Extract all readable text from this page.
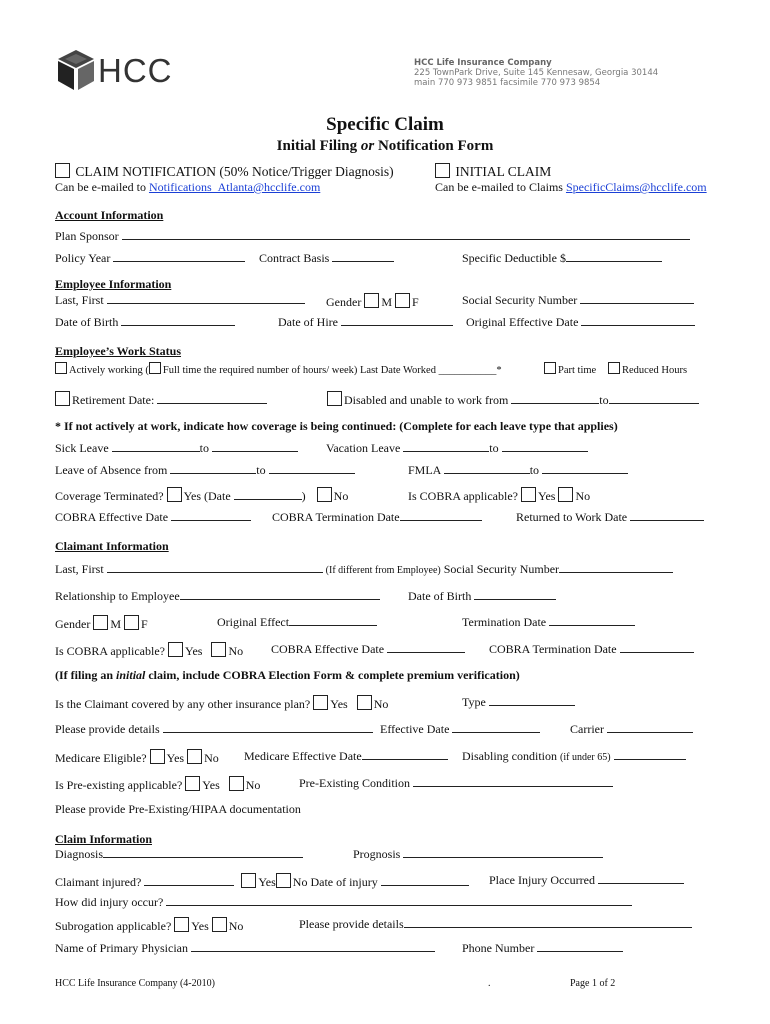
HCC	HCC Life Insurance Company
225 TownPark Drive, Suite 145 Kennesaw, Georgia 30144
main 770 973 9851 facsimile 770 973 9854
Specific Claim
Initial Filing or Notification Form
CLAIM NOTIFICATION (50% Notice/Trigger Diagnosis)
Can be e-mailed to Notifications_Atlanta@hcclife.com
INITIAL CLAIM
Can be e-mailed to Claims SpecificClaims@hcclife.com
Account Information
Plan Sponsor
Policy Year	Contract Basis	Specific Deductible $
Employee Information
Last, First	Gender M F	Social Security Number
Date of Birth	Date of Hire	Original Effective Date
Employee’s Work Status
Actively working ( Full time the required number of hours/ week) Last Date Worked ___________*	Part time	Reduced Hours
Retirement Date:	Disabled and unable to work from	to
* If not actively at work, indicate how coverage is being continued: (Complete for each leave type that applies)
Sick Leave	to	Vacation Leave	to
Leave of Absence from	to	FMLA	to
Coverage Terminated? Yes (Date	) No	Is COBRA applicable? Yes No
COBRA Effective Date	COBRA Termination Date	Returned to Work Date
Claimant Information
Last, First	(If different from Employee) Social Security Number
Relationship to Employee	Date of Birth
Gender M F	Original Effect	Termination Date
Is COBRA applicable? Yes No COBRA Effective Date	COBRA Termination Date
(If filing an initial claim, include COBRA Election Form & complete premium verification)
Is the Claimant covered by any other insurance plan? Yes No	Type
Please provide details	Effective Date	Carrier
Medicare Eligible? Yes No Medicare Effective Date	Disabling condition (if under 65)
Is Pre-existing applicable? Yes No	Pre-Existing Condition
Please provide Pre-Existing/HIPAA documentation
Claim Information
Diagnosis	Prognosis
Claimant injured?	Yes No Date of injury	Place Injury Occurred
How did injury occur?
Subrogation applicable? Yes No	Please provide details
Name of Primary Physician	Phone Number
HCC Life Insurance Company (4-2010)	.	Page 1 of 2
